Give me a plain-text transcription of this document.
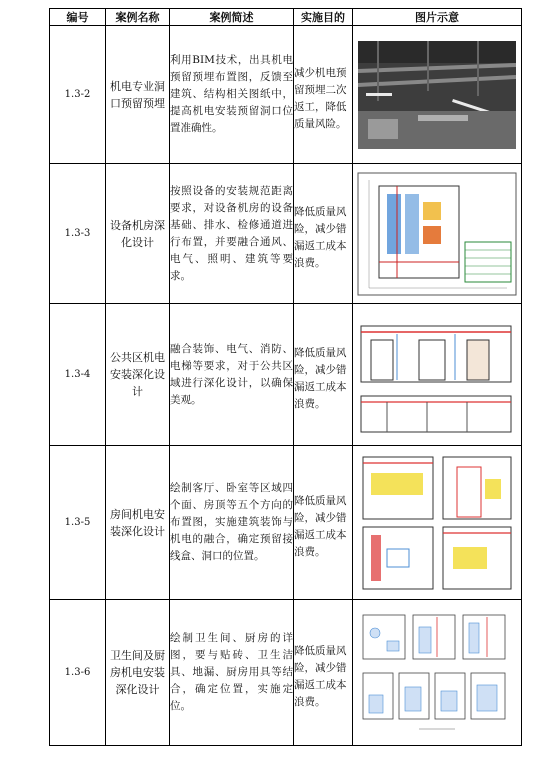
编号	案例名称	案例简述	实施目的	图片示意
1.3-2	机电专业洞口预留预埋	利用BIM技术，出具机电预留预埋布置图，反馈至建筑、结构相关图纸中，提高机电安装预留洞口位置准确性。	减少机电预留预埋二次返工，降低质量风险。

1.3-3	设备机房深化设计	按照设备的安装规范距离要求，对设备机房的设备基础、排水、检修通道进行布置，并要融合通风、电气、照明、建筑等要求。	降低质量风险，减少错漏返工成本浪费。

1.3-4	公共区机电安装深化设计	融合装饰、电气、消防、电梯等要求，对于公共区域进行深化设计，以确保美观。	降低质量风险，减少错漏返工成本浪费。

1.3-5	房间机电安装深化设计	绘制客厅、卧室等区域四个面、房顶等五个方向的布置图，实施建筑装饰与机电的融合，确定预留接线盒、洞口的位置。	降低质量风险，减少错漏返工成本浪费。

1.3-6	卫生间及厨房机电安装深化设计	绘制卫生间、厨房的详图，要与贴砖、卫生洁具、地漏、厨房用具等结合，确定位置，实施定位。	降低质量风险，减少错漏返工成本浪费。
